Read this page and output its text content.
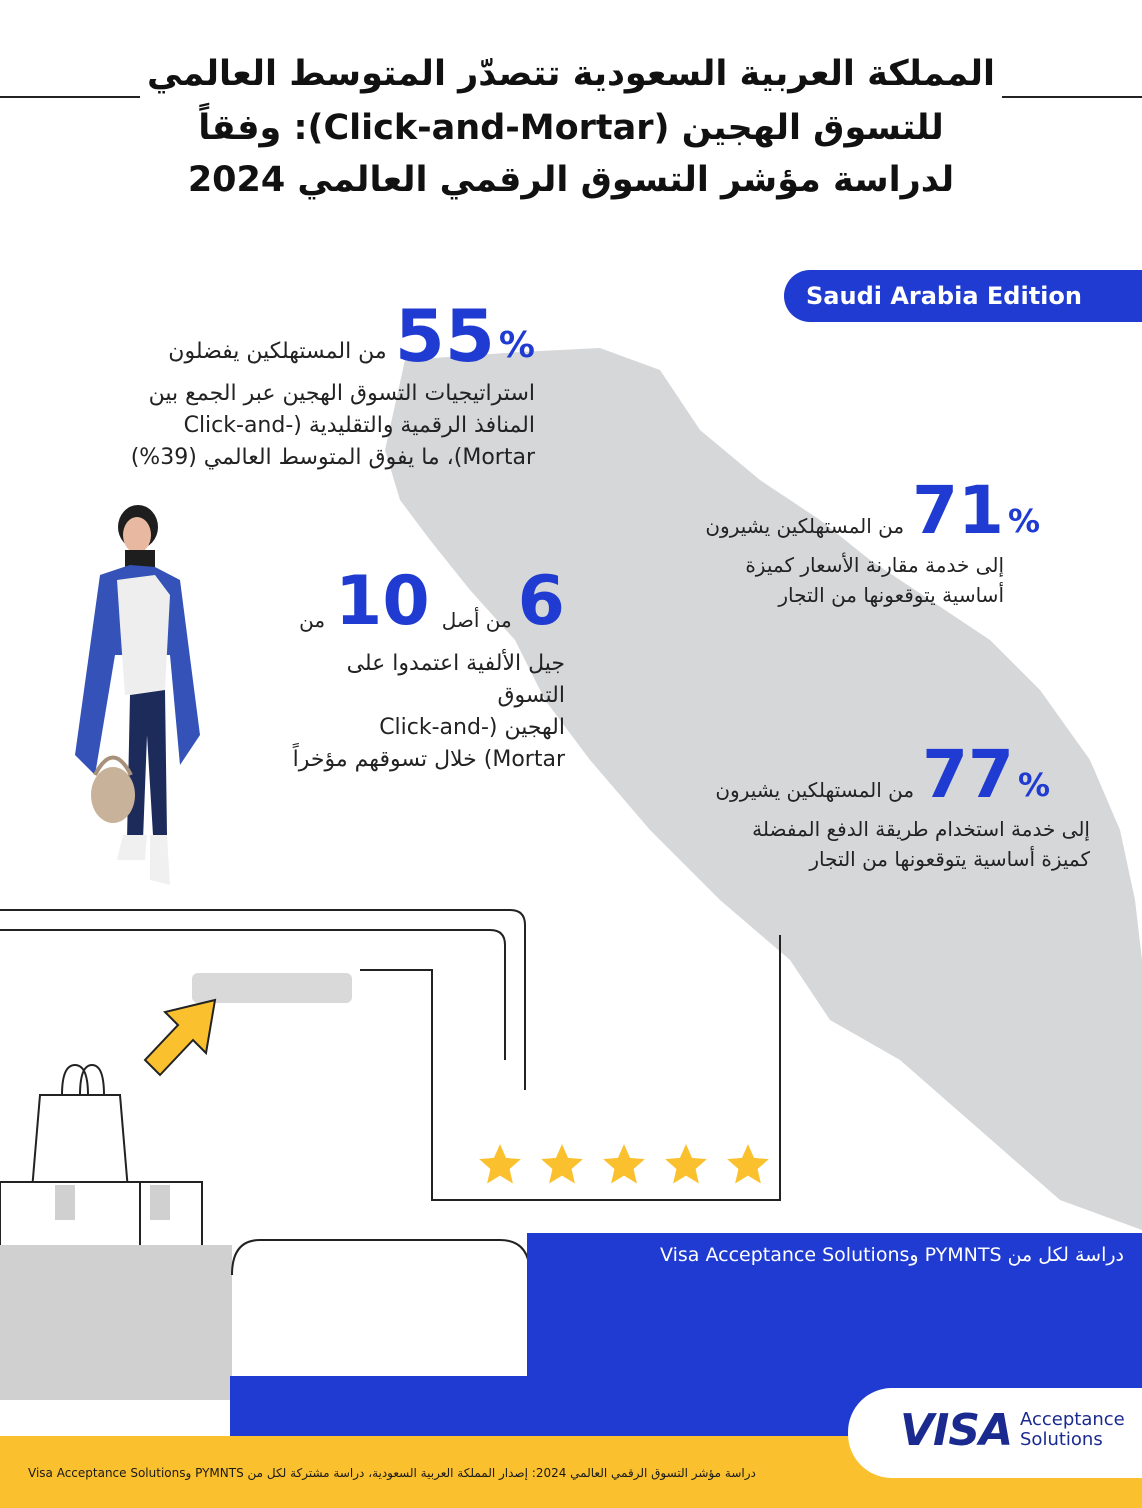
المملكة العربية السعودية تتصدّر المتوسط العالمي
للتسوق الهجين (Click-and-Mortar): وفقاً
لدراسة مؤشر التسوق الرقمي العالمي 2024
Saudi Arabia Edition
من المستهلكين يفضلون 55 %
استراتيجيات التسوق الهجين عبر الجمع بين
المنافذ الرقمية والتقليدية (-Click-and
Mortar)، ما يفوق المتوسط العالمي (39%)
من 10 من أصل 6
جيل الألفية اعتمدوا على التسوق
الهجين (-Click-and
Mortar) خلال تسوقهم مؤخراً
من المستهلكين يشيرون 71 %
إلى خدمة مقارنة الأسعار كميزة
أساسية يتوقعونها من التجار
من المستهلكين يشيرون 77 %
إلى خدمة استخدام طريقة الدفع المفضلة
كميزة أساسية يتوقعونها من التجار
دراسة لكل من PYMNTS وVisa Acceptance Solutions
دراسة مؤشر التسوق الرقمي العالمي 2024: إصدار المملكة العربية السعودية، دراسة مشتركة لكل من PYMNTS وVisa Acceptance Solutions
VISA Acceptance
Solutions
